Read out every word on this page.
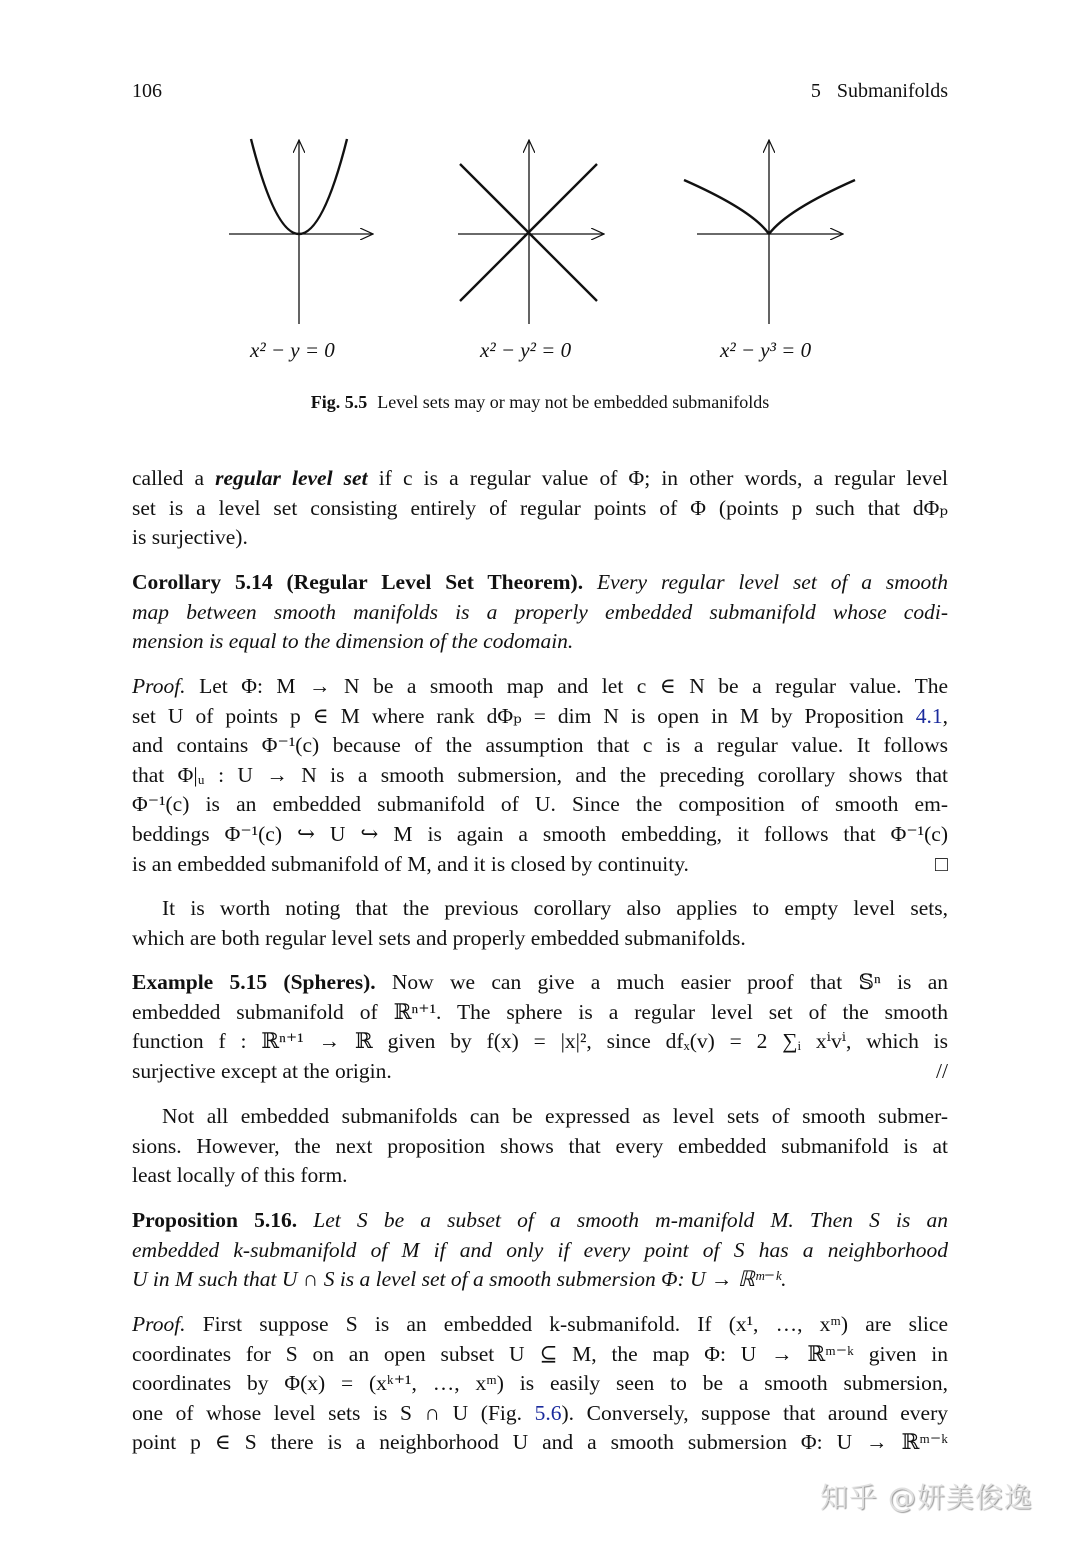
106	5 Submanifolds
x² − y = 0	x² − y² = 0	x² − y³ = 0
Fig. 5.5 Level sets may or may not be embedded submanifolds
called a regular level set if c is a regular value of Φ; in other words, a regular level
set is a level set consisting entirely of regular points of Φ (points p such that dΦₚ
is surjective).
Corollary 5.14 (Regular Level Set Theorem). Every regular level set of a smooth
map between smooth manifolds is a properly embedded submanifold whose codi-
mension is equal to the dimension of the codomain.
Proof. Let Φ: M → N be a smooth map and let c ∈ N be a regular value. The
set U of points p ∈ M where rank dΦₚ = dim N is open in M by Proposition 4.1,
and contains Φ⁻¹(c) because of the assumption that c is a regular value. It follows
that Φ|ᵤ : U → N is a smooth submersion, and the preceding corollary shows that
Φ⁻¹(c) is an embedded submanifold of U. Since the composition of smooth em-
beddings Φ⁻¹(c) ↪ U ↪ M is again a smooth embedding, it follows that Φ⁻¹(c)
is an embedded submanifold of M, and it is closed by continuity.	□
It is worth noting that the previous corollary also applies to empty level sets,
which are both regular level sets and properly embedded submanifolds.
Example 5.15 (Spheres). Now we can give a much easier proof that 𝕊ⁿ is an
embedded submanifold of ℝⁿ⁺¹. The sphere is a regular level set of the smooth
function f : ℝⁿ⁺¹ → ℝ given by f(x) = |x|², since dfₓ(v) = 2 ∑ᵢ xⁱvⁱ, which is
surjective except at the origin.	//
Not all embedded submanifolds can be expressed as level sets of smooth submer-
sions. However, the next proposition shows that every embedded submanifold is at
least locally of this form.
Proposition 5.16. Let S be a subset of a smooth m-manifold M. Then S is an
embedded k-submanifold of M if and only if every point of S has a neighborhood
U in M such that U ∩ S is a level set of a smooth submersion Φ: U → ℝᵐ⁻ᵏ.
Proof. First suppose S is an embedded k-submanifold. If (x¹, …, xᵐ) are slice
coordinates for S on an open subset U ⊆ M, the map Φ: U → ℝᵐ⁻ᵏ given in
coordinates by Φ(x) = (xᵏ⁺¹, …, xᵐ) is easily seen to be a smooth submersion,
one of whose level sets is S ∩ U (Fig. 5.6). Conversely, suppose that around every
point p ∈ S there is a neighborhood U and a smooth submersion Φ: U → ℝᵐ⁻ᵏ
知乎 @妍美俊逸
